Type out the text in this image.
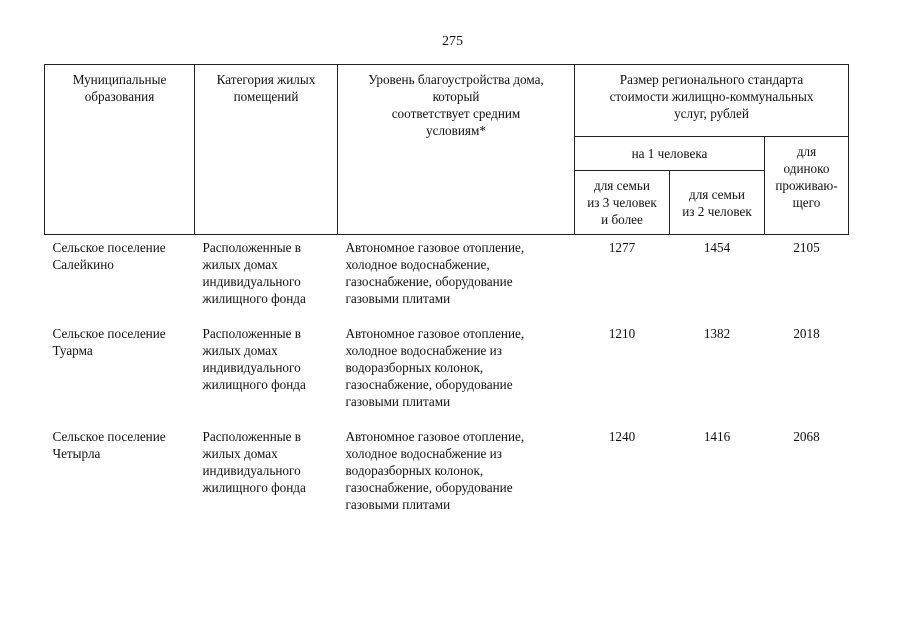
275
Муниципальные
образования	Категория жилых
помещений	Уровень благоустройства дома,
который
соответствует средним
условиям*	Размер регионального стандарта
стоимости жилищно-коммунальных
услуг, рублей		
			на 1 человека		для
одиноко
проживаю-
щего
			для семьи
из 3 человек
и более	для семьи
из 2 человек	
Сельское поселение
Салейкино	Расположенные в
жилых домах
индивидуального
жилищного фонда	Автономное газовое отопление,
холодное водоснабжение,
газоснабжение, оборудование
газовыми плитами	1277	1454	2105
Сельское поселение
Туарма	Расположенные в
жилых домах
индивидуального
жилищного фонда	Автономное газовое отопление,
холодное водоснабжение из
водоразборных колонок,
газоснабжение, оборудование
газовыми плитами	1210	1382	2018
Сельское поселение
Четырла	Расположенные в
жилых домах
индивидуального
жилищного фонда	Автономное газовое отопление,
холодное водоснабжение из
водоразборных колонок,
газоснабжение, оборудование
газовыми плитами	1240	1416	2068
